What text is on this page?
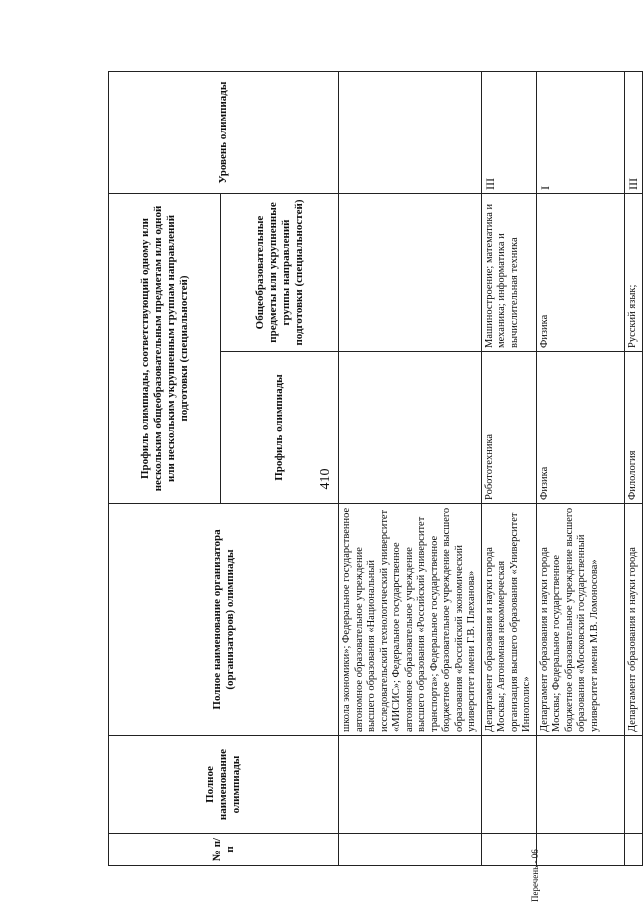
410
Перечень - 06
№ п/п	Полное наименование олимпиады	Полное наименование организатора (организаторов) олимпиады	Профиль олимпиады, соответствующий одному или нескольким общеобразовательным предметам или одной или нескольким укрупненным группам направлений подготовки (специальностей)		Уровень олимпиады
			Профиль олимпиады	Общеобразовательные предметы или укрупненные группы направлений подготовки (специальностей)	
		школа экономики»; Федеральное государственное автономное образовательное учреждение высшего образования «Национальный исследовательский технологический университет «МИСИС»; Федеральное государственное автономное образовательное учреждение высшего образования «Российский университет транспорта»; Федеральное государственное бюджетное образовательное учреждение высшего образования «Российский экономический университет имени Г.В. Плеханова»			
		Департамент образования и науки города Москвы; Автономная некоммерческая организация высшего образования «Университет Иннополис»	Робототехника	Машиностроение; математика и механика; информатика и вычислительная техника	III
		Департамент образования и науки города Москвы; Федеральное государственное бюджетное образовательное учреждение высшего образования «Московский государственный университет имени М.В. Ломоносова»	Физика	Физика	I
		Департамент образования и науки города	Филология	Русский язык;	III
